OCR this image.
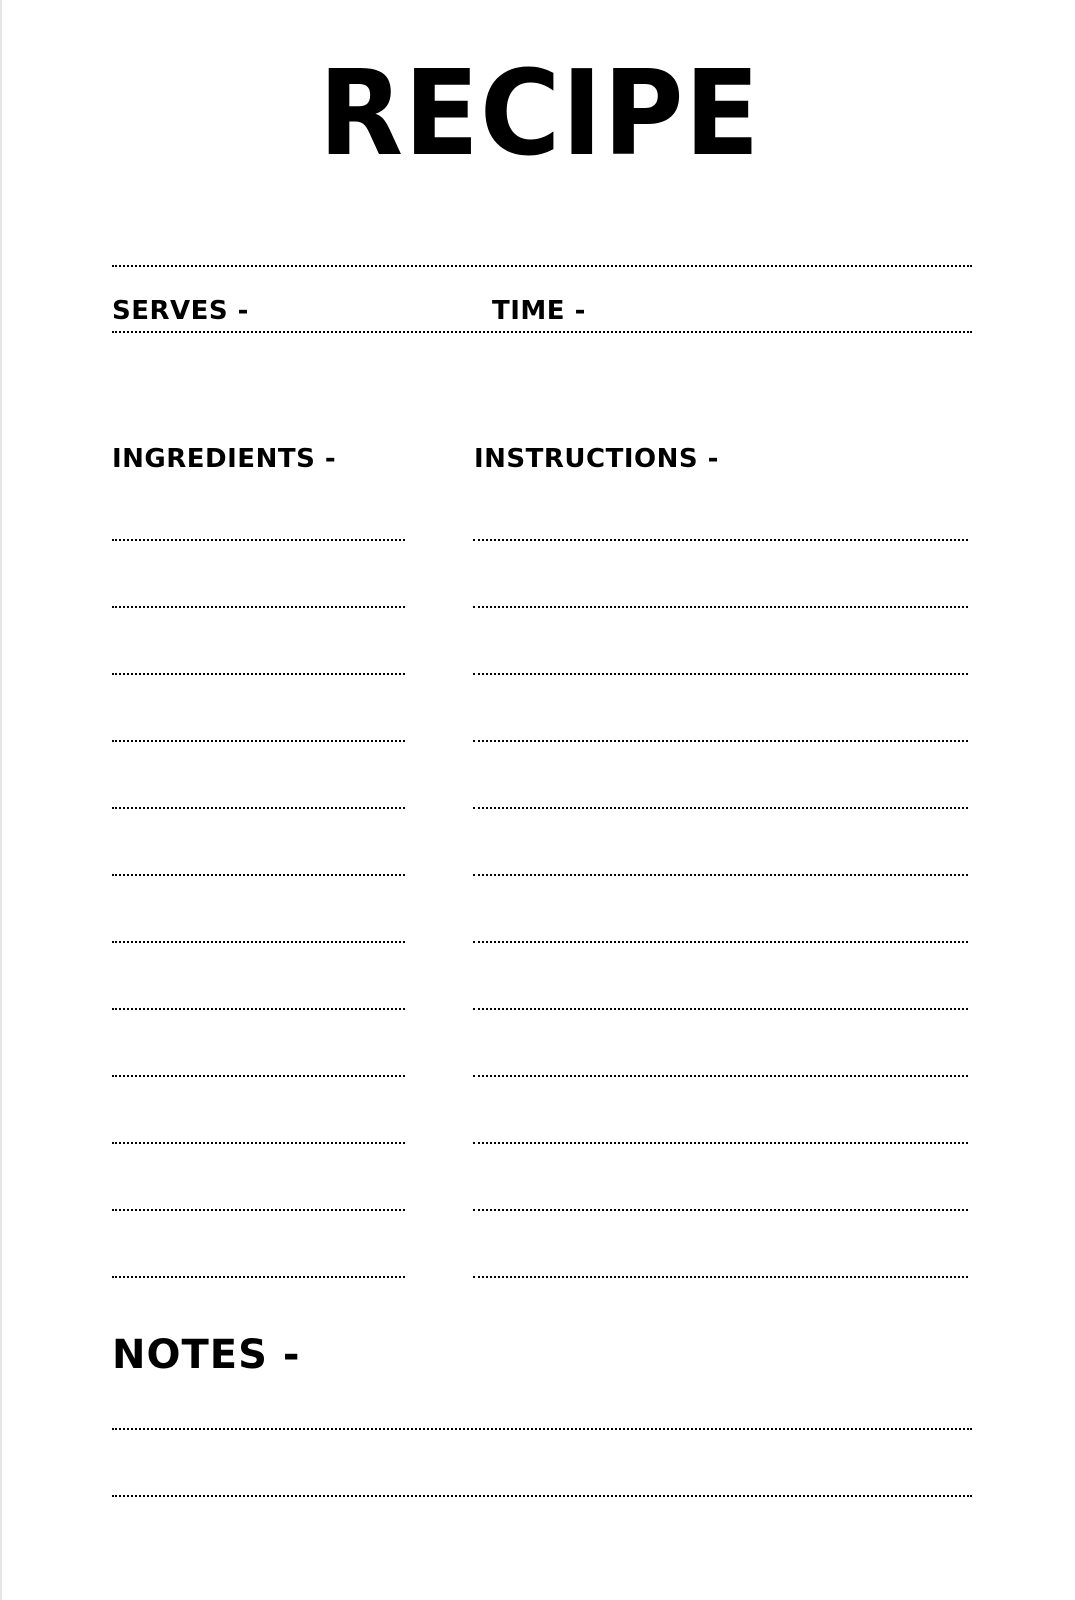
RECIPE
SERVES -	TIME -
INGREDIENTS -	INSTRUCTIONS -
NOTES -
